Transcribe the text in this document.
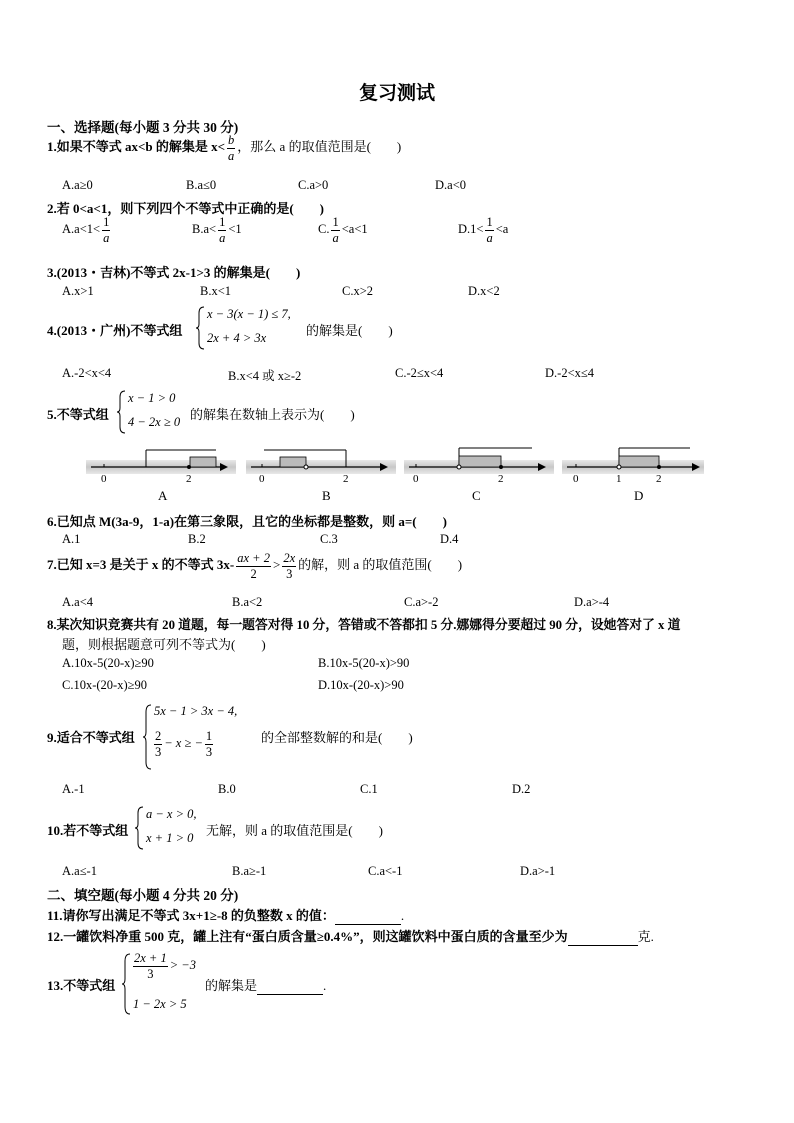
复习测试
一、选择题(每小题 3 分共 30 分)
1.如果不等式 ax<b 的解集是 $x< \frac{b}{a}$ ，那么 a 的取值范围是(　　)
A.a≥0	B.a≤0	C.a>0	D.a<0
2.若 0<a<1，则下列四个不等式中正确的是(　　)
$A.a<1< \frac{1}{a}$	$B.a< \frac{1}{a} <1$	C. $\frac{1}{a} <a<1$	$D.1< \frac{1}{a} <a$
3.(2013・吉林)不等式 2x-1>3 的解集是(　　)
A.x>1	B.x<1	C.x>2	D.x<2
4.(2013・广州)不等式组
x − 3(x − 1) ≤ 7,
2x + 4 > 3x	的解集是(　　)
A.-2<x<4	B.x<4 或 x≥-2	C.-2≤x<4	D.-2<x≤4
5.不等式组
x − 1 > 0
4 − 2x ≥ 0 的解集在数轴上表示为(　　)
0	2
A
0	2
B
0	2
C
0	1	2
D
6.已知点 M(3a-9，1-a)在第三象限，且它的坐标都是整数，则 a=(　　)
A.1	B.2	C.3	D.4
7.已知 x=3 是关于 x 的不等式 $3x- \frac{ax + 2}{2} > \frac{2x}{3}$ 的解，则 a 的取值范围(　　)
A.a<4	B.a<2	C.a>-2	D.a>-4
8.某次知识竞赛共有 20 道题，每一题答对得 10 分，答错或不答都扣 5 分.娜娜得分要超过 90 分，设她答对了 x 道
题，则根据题意可列不等式为(　　)
A.10x-5(20-x)≥90	B.10x-5(20-x)>90
C.10x-(20-x)≥90	D.10x-(20-x)>90
9.适合不等式组
5x − 1 > 3x − 4,
$\frac{2}{3} - x$ ≥ − $\frac{1}{3}$	的全部整数解的和是(　　)
A.-1	B.0	C.1	D.2
10.若不等式组
a − x > 0,
x + 1 > 0 无解，则 a 的取值范围是(　　)
A.a≤-1	B.a≥-1	C.a<-1	D.a>-1
二、填空题(每小题 4 分共 20 分)
11.请你写出满足不等式 3x+1≥-8 的负整数 x 的值：	.
12.一罐饮料净重 500 克，罐上注有“蛋白质含量≥0.4%”，则这罐饮料中蛋白质的含量至少为	克.
13.不等式组
$\frac{2x + 1}{3} > -3$
1 − 2x > 5
的解集是	.
